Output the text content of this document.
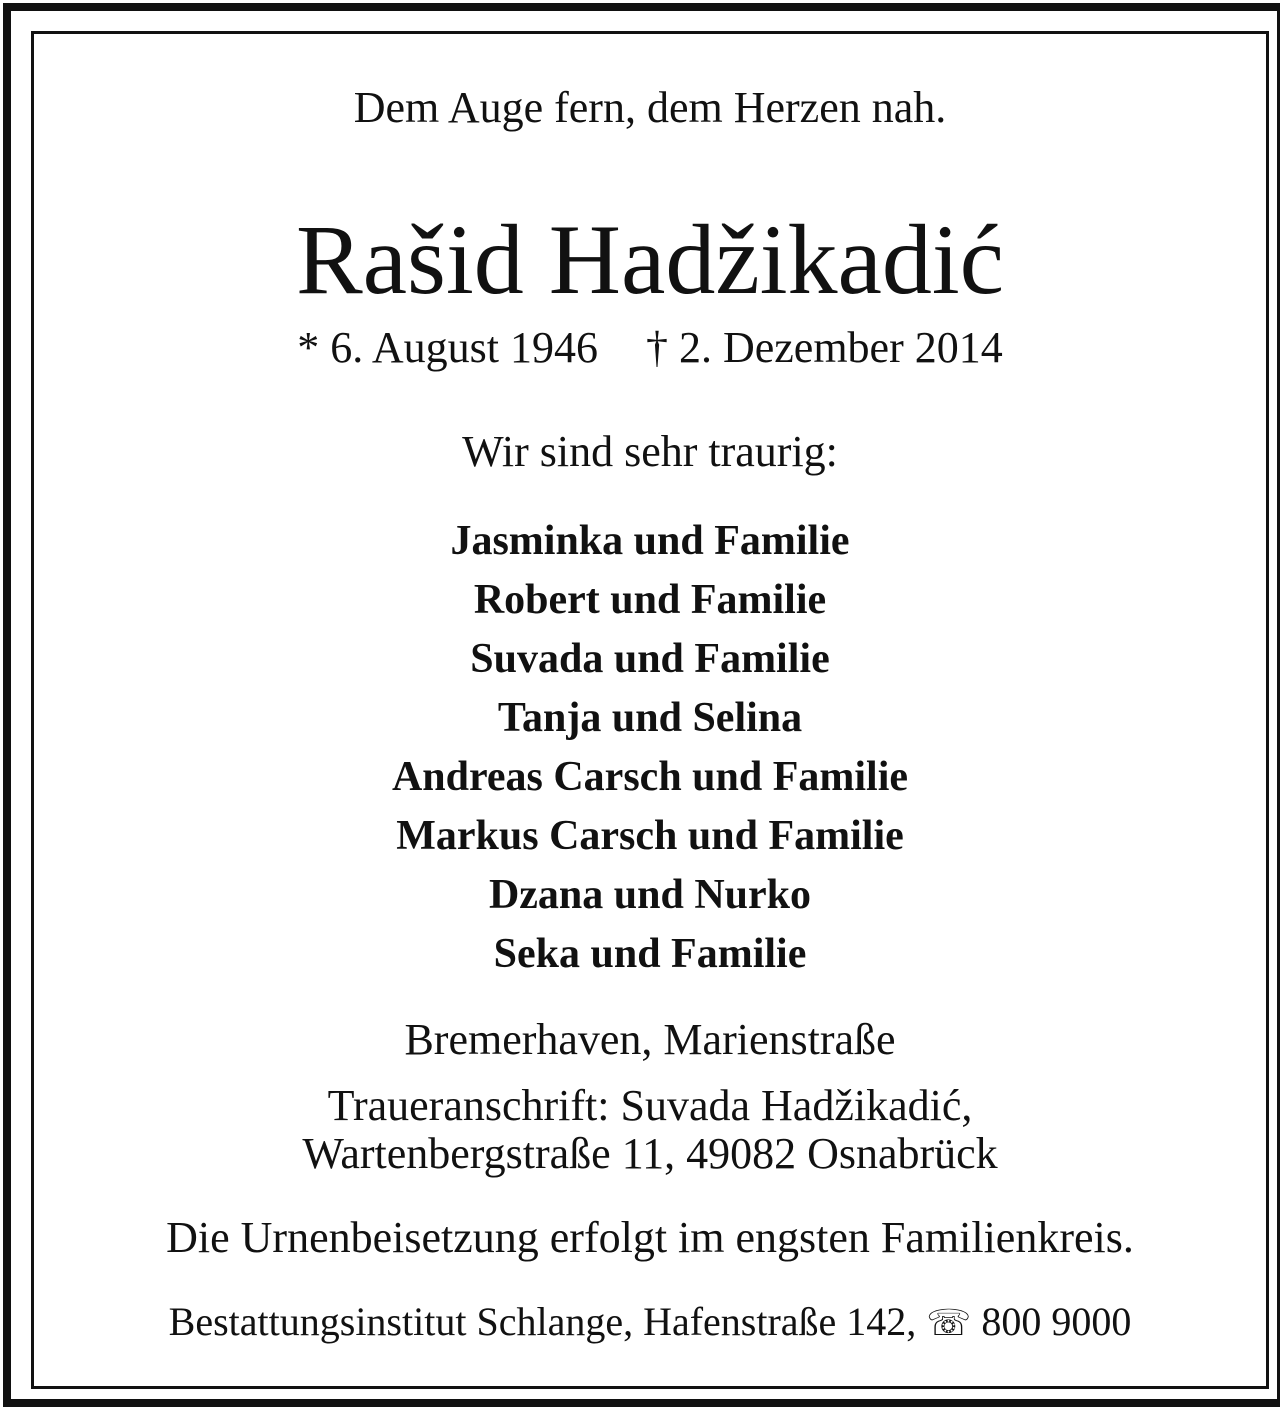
Dem Auge fern, dem Herzen nah.
Rašid Hadžikadić
* 6. August 1946 † 2. Dezember 2014
Wir sind sehr traurig:
Jasminka und Familie
Robert und Familie
Suvada und Familie
Tanja und Selina
Andreas Carsch und Familie
Markus Carsch und Familie
Dzana und Nurko
Seka und Familie
Bremerhaven, Marienstraße
Traueranschrift: Suvada Hadžikadić,
Wartenbergstraße 11, 49082 Osnabrück
Die Urnenbeisetzung erfolgt im engsten Familienkreis.
Bestattungsinstitut Schlange, Hafenstraße 142, ☏ 800 9000
